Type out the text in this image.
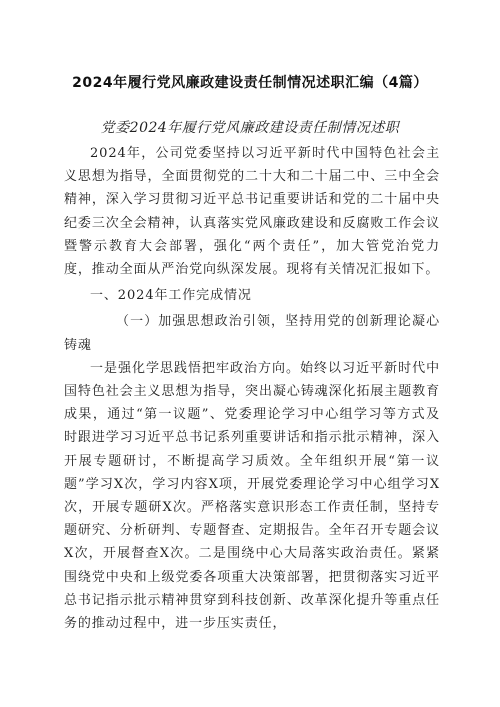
2024年履行党风廉政建设责任制情况述职汇编（4篇）
党委2024年履行党风廉政建设责任制情况述职

2024年，公司党委坚持以习近平新时代中国特色社会主义思想为指导，全面贯彻党的二十大和二十届二中、三中全会精神，深入学习贯彻习近平总书记重要讲话和党的二十届中央纪委三次全会精神，认真落实党风廉政建设和反腐败工作会议暨警示教育大会部署，强化“两个责任”，加大管党治党力度，推动全面从严治党向纵深发展。现将有关情况汇报如下。

一、2024年工作完成情况

（一）加强思想政治引领，坚持用党的创新理论凝心铸魂

一是强化学思践悟把牢政治方向。始终以习近平新时代中国特色社会主义思想为指导，突出凝心铸魂深化拓展主题教育成果，通过“第一议题”、党委理论学习中心组学习等方式及时跟进学习习近平总书记系列重要讲话和指示批示精神，深入开展专题研讨，不断提高学习质效。全年组织开展“第一议题”学习X次，学习内容X项，开展党委理论学习中心组学习X次，开展专题研X次。严格落实意识形态工作责任制，坚持专题研究、分析研判、专题督查、定期报告。全年召开专题会议X次，开展督查X次。二是围绕中心大局落实政治责任。紧紧围绕党中央和上级党委各项重大决策部署，把贯彻落实习近平总书记指示批示精神贯穿到科技创新、改革深化提升等重点任务的推动过程中，进一步压实责任，
